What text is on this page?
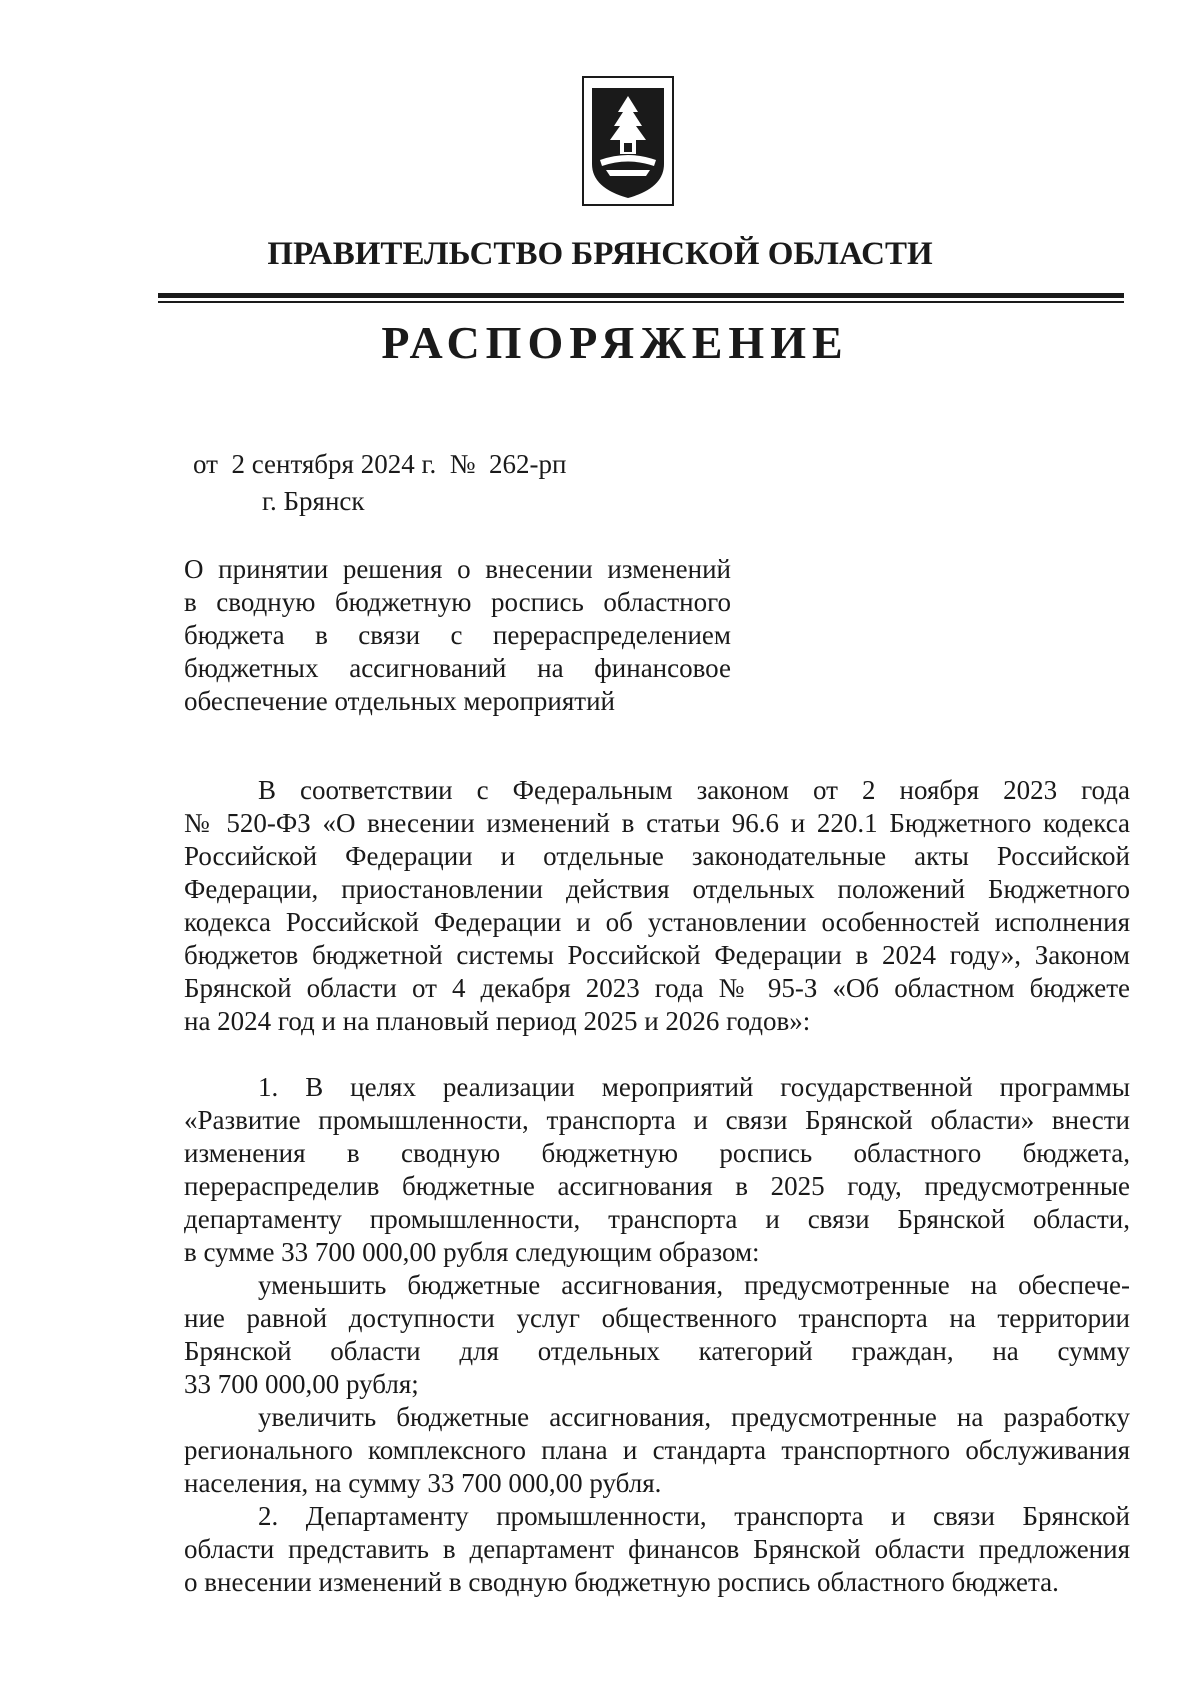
ПРАВИТЕЛЬСТВО БРЯНСКОЙ ОБЛАСТИ
РАСПОРЯЖЕНИЕ
от  2 сентября 2024 г.  №  262-рп
г. Брянск
О принятии решения о внесении изменений
в сводную бюджетную роспись областного
бюджета в связи с перераспределением
бюджетных ассигнований на финансовое
обеспечение отдельных мероприятий
В соответствии с Федеральным законом от 2 ноября 2023 года
№ 520-ФЗ «О внесении изменений в статьи 96.6 и 220.1 Бюджетного кодекса
Российской Федерации и отдельные законодательные акты Российской
Федерации, приостановлении действия отдельных положений Бюджетного
кодекса Российской Федерации и об установлении особенностей исполнения
бюджетов бюджетной системы Российской Федерации в 2024 году», Законом
Брянской области от 4 декабря 2023 года № 95-З «Об областном бюджете
на 2024 год и на плановый период 2025 и 2026 годов»:
1. В целях реализации мероприятий государственной программы
«Развитие промышленности, транспорта и связи Брянской области» внести
изменения в сводную бюджетную роспись областного бюджета,
перераспределив бюджетные ассигнования в 2025 году, предусмотренные
департаменту промышленности, транспорта и связи Брянской области,
в сумме 33 700 000,00 рубля следующим образом:
уменьшить бюджетные ассигнования, предусмотренные на обеспече-
ние равной доступности услуг общественного транспорта на территории
Брянской области для отдельных категорий граждан, на сумму
33 700 000,00 рубля;
увеличить бюджетные ассигнования, предусмотренные на разработку
регионального комплексного плана и стандарта транспортного обслуживания
населения, на сумму 33 700 000,00 рубля.
2. Департаменту промышленности, транспорта и связи Брянской
области представить в департамент финансов Брянской области предложения
о внесении изменений в сводную бюджетную роспись областного бюджета.
